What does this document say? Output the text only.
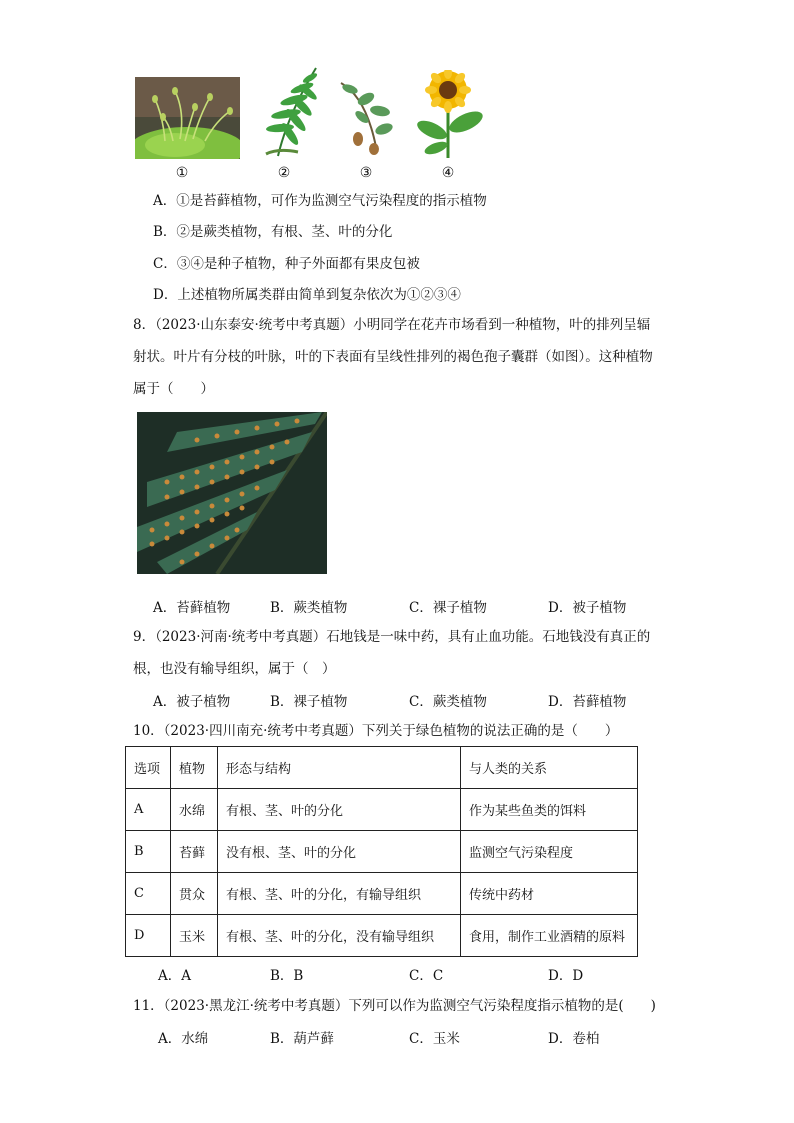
①	②	③	④
A．①是苔藓植物，可作为监测空气污染程度的指示植物
B．②是蕨类植物，有根、茎、叶的分化
C．③④是种子植物，种子外面都有果皮包被
D．上述植物所属类群由简单到复杂依次为①②③④
8．（2023·山东泰安·统考中考真题）小明同学在花卉市场看到一种植物，叶的排列呈辐射状。叶片有分枝的叶脉，叶的下表面有呈线性排列的褐色孢子囊群（如图）。这种植物属于（　　）
A．苔藓植物	B．蕨类植物	C．裸子植物	D．被子植物
9．（2023·河南·统考中考真题）石地钱是一味中药，具有止血功能。石地钱没有真正的根，也没有输导组织，属于（　）
A．被子植物	B．裸子植物	C．蕨类植物	D．苔藓植物
10．（2023·四川南充·统考中考真题）下列关于绿色植物的说法正确的是（　　）
选项	植物	形态与结构	与人类的关系
A	水绵	有根、茎、叶的分化	作为某些鱼类的饵料
B	苔藓	没有根、茎、叶的分化	监测空气污染程度
C	贯众	有根、茎、叶的分化，有输导组织	传统中药材
D	玉米	有根、茎、叶的分化，没有输导组织	食用，制作工业酒精的原料
A．A	B．B	C．C	D．D
11．（2023·黑龙江·统考中考真题）下列可以作为监测空气污染程度指示植物的是(　　)
A．水绵	B．葫芦藓	C．玉米	D．卷柏
